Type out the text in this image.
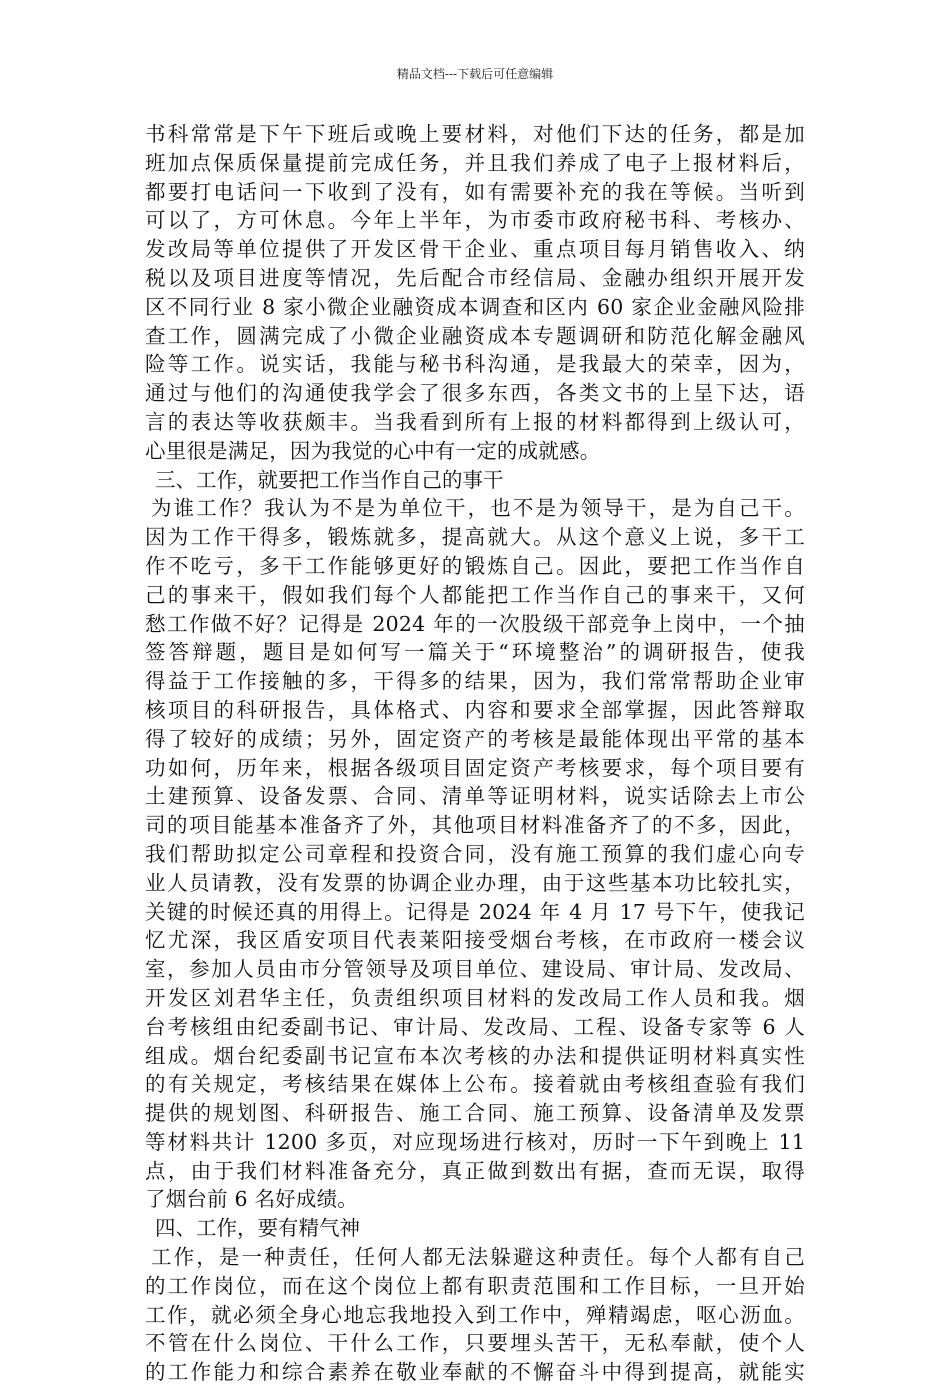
精品文档---下载后可任意编辑
书科常常是下午下班后或晚上要材料，对他们下达的任务，都是加
班加点保质保量提前完成任务，并且我们养成了电子上报材料后，
都要打电话问一下收到了没有，如有需要补充的我在等候。当听到
可以了，方可休息。今年上半年，为市委市政府秘书科、考核办、
发改局等单位提供了开发区骨干企业、重点项目每月销售收入、纳
税以及项目进度等情况，先后配合市经信局、金融办组织开展开发
区不同行业 8 家小微企业融资成本调查和区内 60 家企业金融风险排
查工作，圆满完成了小微企业融资成本专题调研和防范化解金融风
险等工作。说实话，我能与秘书科沟通，是我最大的荣幸，因为，
通过与他们的沟通使我学会了很多东西，各类文书的上呈下达，语
言的表达等收获颇丰。当我看到所有上报的材料都得到上级认可，
心里很是满足，因为我觉的心中有一定的成就感。
三、工作，就要把工作当作自己的事干
为谁工作？我认为不是为单位干，也不是为领导干，是为自己干。
因为工作干得多，锻炼就多，提高就大。从这个意义上说，多干工
作不吃亏，多干工作能够更好的锻炼自己。因此，要把工作当作自
己的事来干，假如我们每个人都能把工作当作自己的事来干，又何
愁工作做不好？记得是 2024 年的一次股级干部竞争上岗中，一个抽
签答辩题，题目是如何写一篇关于“环境整治”的调研报告，使我
得益于工作接触的多，干得多的结果，因为，我们常常帮助企业审
核项目的科研报告，具体格式、内容和要求全部掌握，因此答辩取
得了较好的成绩；另外，固定资产的考核是最能体现出平常的基本
功如何，历年来，根据各级项目固定资产考核要求，每个项目要有
土建预算、设备发票、合同、清单等证明材料，说实话除去上市公
司的项目能基本准备齐了外，其他项目材料准备齐了的不多，因此，
我们帮助拟定公司章程和投资合同，没有施工预算的我们虚心向专
业人员请教，没有发票的协调企业办理，由于这些基本功比较扎实，
关键的时候还真的用得上。记得是 2024 年 4 月 17 号下午，使我记
忆尤深，我区盾安项目代表莱阳接受烟台考核，在市政府一楼会议
室，参加人员由市分管领导及项目单位、建设局、审计局、发改局、
开发区刘君华主任，负责组织项目材料的发改局工作人员和我。烟
台考核组由纪委副书记、审计局、发改局、工程、设备专家等 6 人
组成。烟台纪委副书记宣布本次考核的办法和提供证明材料真实性
的有关规定，考核结果在媒体上公布。接着就由考核组查验有我们
提供的规划图、科研报告、施工合同、施工预算、设备清单及发票
等材料共计 1200 多页，对应现场进行核对，历时一下午到晚上 11
点，由于我们材料准备充分，真正做到数出有据，查而无误，取得
了烟台前 6 名好成绩。
四、工作，要有精气神
工作，是一种责任，任何人都无法躲避这种责任。每个人都有自己
的工作岗位，而在这个岗位上都有职责范围和工作目标，一旦开始
工作，就必须全身心地忘我地投入到工作中，殚精竭虑，呕心沥血。
不管在什么岗位、干什么工作，只要埋头苦干，无私奉献，使个人
的工作能力和综合素养在敬业奉献的不懈奋斗中得到提高，就能实
